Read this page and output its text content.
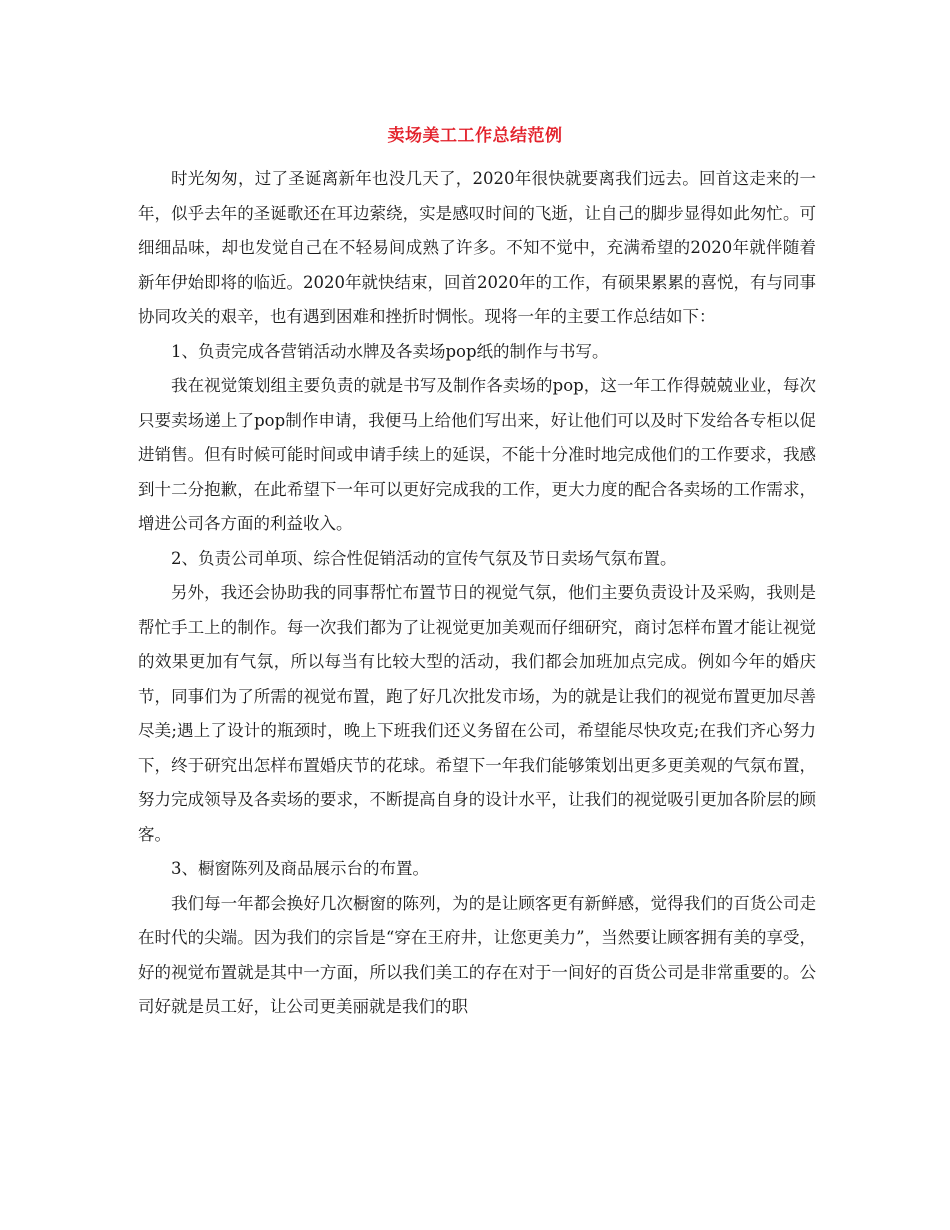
卖场美工工作总结范例

时光匆匆，过了圣诞离新年也没几天了，2020年很快就要离我们远去。回首这走来的一年，似乎去年的圣诞歌还在耳边萦绕，实是感叹时间的飞逝，让自己的脚步显得如此匆忙。可细细品味，却也发觉自己在不轻易间成熟了许多。不知不觉中，充满希望的2020年就伴随着新年伊始即将的临近。2020年就快结束，回首2020年的工作，有硕果累累的喜悦，有与同事协同攻关的艰辛，也有遇到困难和挫折时惆怅。现将一年的主要工作总结如下：

1、负责完成各营销活动水牌及各卖场pop纸的制作与书写。

我在视觉策划组主要负责的就是书写及制作各卖场的pop，这一年工作得兢兢业业，每次只要卖场递上了pop制作申请，我便马上给他们写出来，好让他们可以及时下发给各专柜以促进销售。但有时候可能时间或申请手续上的延误，不能十分准时地完成他们的工作要求，我感到十二分抱歉，在此希望下一年可以更好完成我的工作，更大力度的配合各卖场的工作需求，增进公司各方面的利益收入。

2、负责公司单项、综合性促销活动的宣传气氛及节日卖场气氛布置。

另外，我还会协助我的同事帮忙布置节日的视觉气氛，他们主要负责设计及采购，我则是帮忙手工上的制作。每一次我们都为了让视觉更加美观而仔细研究，商讨怎样布置才能让视觉的效果更加有气氛，所以每当有比较大型的活动，我们都会加班加点完成。例如今年的婚庆节，同事们为了所需的视觉布置，跑了好几次批发市场，为的就是让我们的视觉布置更加尽善尽美;遇上了设计的瓶颈时，晚上下班我们还义务留在公司，希望能尽快攻克;在我们齐心努力下，终于研究出怎样布置婚庆节的花球。希望下一年我们能够策划出更多更美观的气氛布置，努力完成领导及各卖场的要求，不断提高自身的设计水平，让我们的视觉吸引更加各阶层的顾客。

3、橱窗陈列及商品展示台的布置。

我们每一年都会换好几次橱窗的陈列，为的是让顾客更有新鲜感，觉得我们的百货公司走在时代的尖端。因为我们的宗旨是“穿在王府井，让您更美力”，当然要让顾客拥有美的享受，好的视觉布置就是其中一方面，所以我们美工的存在对于一间好的百货公司是非常重要的。公司好就是员工好，让公司更美丽就是我们的职
